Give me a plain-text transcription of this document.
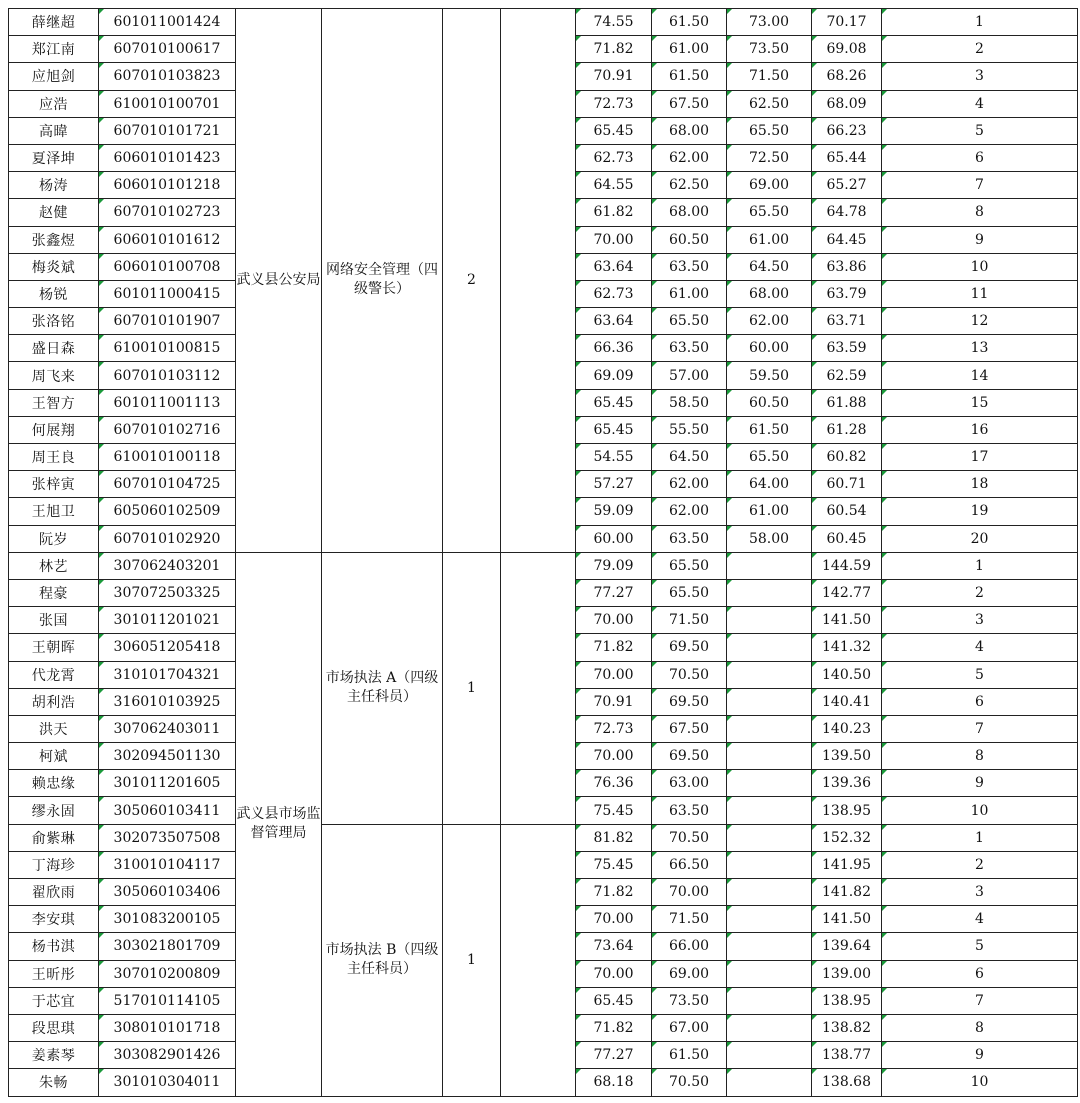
薛继超	601011001424	武义县公安局	网络安全管理（四级警长）	2		74.55	61.50	73.00	70.17	1	
郑江南	607010100617					71.82	61.00	73.50	69.08	2	
应旭剑	607010103823					70.91	61.50	71.50	68.26	3	
应浩	610010100701					72.73	67.50	62.50	68.09	4	
高暐	607010101721					65.45	68.00	65.50	66.23	5	
夏泽坤	606010101423					62.73	62.00	72.50	65.44	6	
杨涛	606010101218					64.55	62.50	69.00	65.27	7	
赵健	607010102723					61.82	68.00	65.50	64.78	8	
张鑫煜	606010101612					70.00	60.50	61.00	64.45	9	
梅炎斌	606010100708					63.64	63.50	64.50	63.86	10	
杨锐	601011000415					62.73	61.00	68.00	63.79	11	
张洛铭	607010101907					63.64	65.50	62.00	63.71	12	
盛日森	610010100815					66.36	63.50	60.00	63.59	13	
周飞来	607010103112					69.09	57.00	59.50	62.59	14	
王智方	601011001113					65.45	58.50	60.50	61.88	15	
何展翔	607010102716					65.45	55.50	61.50	61.28	16	
周王良	610010100118					54.55	64.50	65.50	60.82	17	
张梓寅	607010104725					57.27	62.00	64.00	60.71	18	
王旭卫	605060102509					59.09	62.00	61.00	60.54	19	
阮岁	607010102920					60.00	63.50	58.00	60.45	20	
林艺	307062403201	武义县市场监督管理局	市场执法 A（四级主任科员）	1		79.09	65.50		144.59	1	
程豪	307072503325					77.27	65.50		142.77	2	
张国	301011201021					70.00	71.50		141.50	3	
王朝晖	306051205418					71.82	69.50		141.32	4	
代龙霄	310101704321					70.00	70.50		140.50	5	
胡利浩	316010103925					70.91	69.50		140.41	6	
洪天	307062403011					72.73	67.50		140.23	7	
柯斌	302094501130					70.00	69.50		139.50	8	
赖忠缘	301011201605					76.36	63.00		139.36	9	
缪永固	305060103411					75.45	63.50		138.95	10	
俞紫琳	302073507508		市场执法 B（四级主任科员）	1		81.82	70.50		152.32	1	
丁海珍	310010104117					75.45	66.50		141.95	2	
翟欣雨	305060103406					71.82	70.00		141.82	3	
李安琪	301083200105					70.00	71.50		141.50	4	
杨书淇	303021801709					73.64	66.00		139.64	5	
王昕彤	307010200809					70.00	69.00		139.00	6	
于芯宜	517010114105					65.45	73.50		138.95	7	
段思琪	308010101718					71.82	67.00		138.82	8	
姜素琴	303082901426					77.27	61.50		138.77	9	
朱畅	301010304011					68.18	70.50		138.68	10	
